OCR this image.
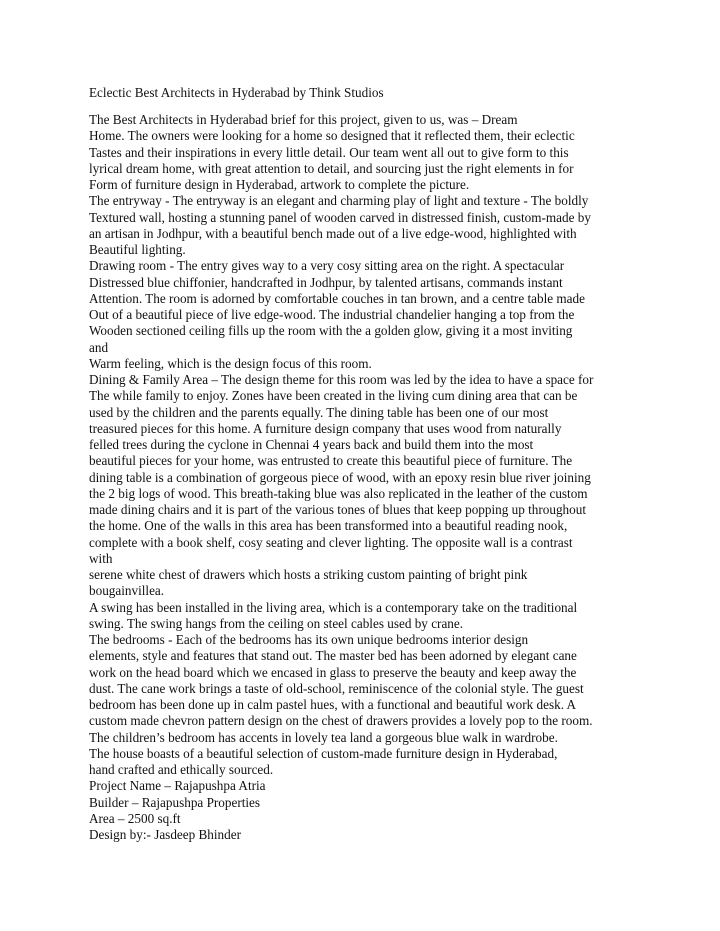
Eclectic Best Architects in Hyderabad by Think Studios

The Best Architects in Hyderabad brief for this project, given to us, was – Dream

Home. The owners were looking for a home so designed that it reflected them, their eclectic

Tastes and their inspirations in every little detail. Our team went all out to give form to this

lyrical dream home, with great attention to detail, and sourcing just the right elements in for

Form of furniture design in Hyderabad, artwork to complete the picture.

The entryway - The entryway is an elegant and charming play of light and texture - The boldly

Textured wall, hosting a stunning panel of wooden carved in distressed finish, custom-made by

an artisan in Jodhpur, with a beautiful bench made out of a live edge-wood, highlighted with

Beautiful lighting.

Drawing room - The entry gives way to a very cosy sitting area on the right. A spectacular

Distressed blue chiffonier, handcrafted in Jodhpur, by talented artisans, commands instant

Attention. The room is adorned by comfortable couches in tan brown, and a centre table made

Out of a beautiful piece of live edge-wood. The industrial chandelier hanging a top from the

Wooden sectioned ceiling fills up the room with the a golden glow, giving it a most inviting

and

Warm feeling, which is the design focus of this room.

Dining & Family Area – The design theme for this room was led by the idea to have a space for

The while family to enjoy. Zones have been created in the living cum dining area that can be

used by the children and the parents equally. The dining table has been one of our most

treasured pieces for this home. A furniture design company that uses wood from naturally

felled trees during the cyclone in Chennai 4 years back and build them into the most

beautiful pieces for your home, was entrusted to create this beautiful piece of furniture. The

dining table is a combination of gorgeous piece of wood, with an epoxy resin blue river joining

the 2 big logs of wood. This breath-taking blue was also replicated in the leather of the custom

made dining chairs and it is part of the various tones of blues that keep popping up throughout

the home. One of the walls in this area has been transformed into a beautiful reading nook,

complete with a book shelf, cosy seating and clever lighting. The opposite wall is a contrast

with

serene white chest of drawers which hosts a striking custom painting of bright pink

bougainvillea.

A swing has been installed in the living area, which is a contemporary take on the traditional

swing. The swing hangs from the ceiling on steel cables used by crane.

The bedrooms - Each of the bedrooms has its own unique bedrooms interior design

elements, style and features that stand out. The master bed has been adorned by elegant cane

work on the head board which we encased in glass to preserve the beauty and keep away the

dust. The cane work brings a taste of old-school, reminiscence of the colonial style. The guest

bedroom has been done up in calm pastel hues, with a functional and beautiful work desk. A

custom made chevron pattern design on the chest of drawers provides a lovely pop to the room.

The children’s bedroom has accents in lovely tea land a gorgeous blue walk in wardrobe.

The house boasts of a beautiful selection of custom-made furniture design in Hyderabad,

hand crafted and ethically sourced.

Project Name – Rajapushpa Atria

Builder – Rajapushpa Properties

Area – 2500 sq.ft

Design by:- Jasdeep Bhinder
